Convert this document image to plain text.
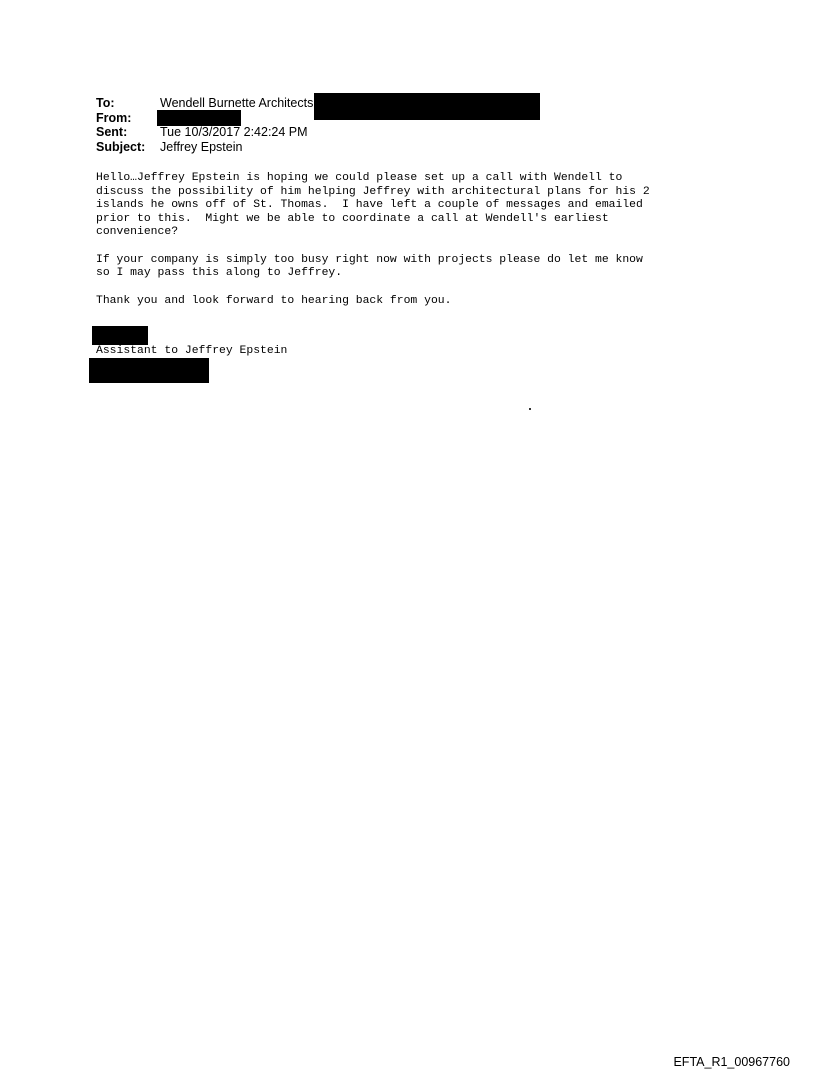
To:	Wendell Burnette Architects
From:
Sent:	Tue 10/3/2017 2:42:24 PM
Subject:	Jeffrey Epstein

Hello…Jeffrey Epstein is hoping we could please set up a call with Wendell to
discuss the possibility of him helping Jeffrey with architectural plans for his 2
islands he owns off of St. Thomas.  I have left a couple of messages and emailed
prior to this.  Might we be able to coordinate a call at Wendell's earliest
convenience?

If your company is simply too busy right now with projects please do let me know
so I may pass this along to Jeffrey.

Thank you and look forward to hearing back from you.

Assistant to Jeffrey Epstein
EFTA_R1_00967760
